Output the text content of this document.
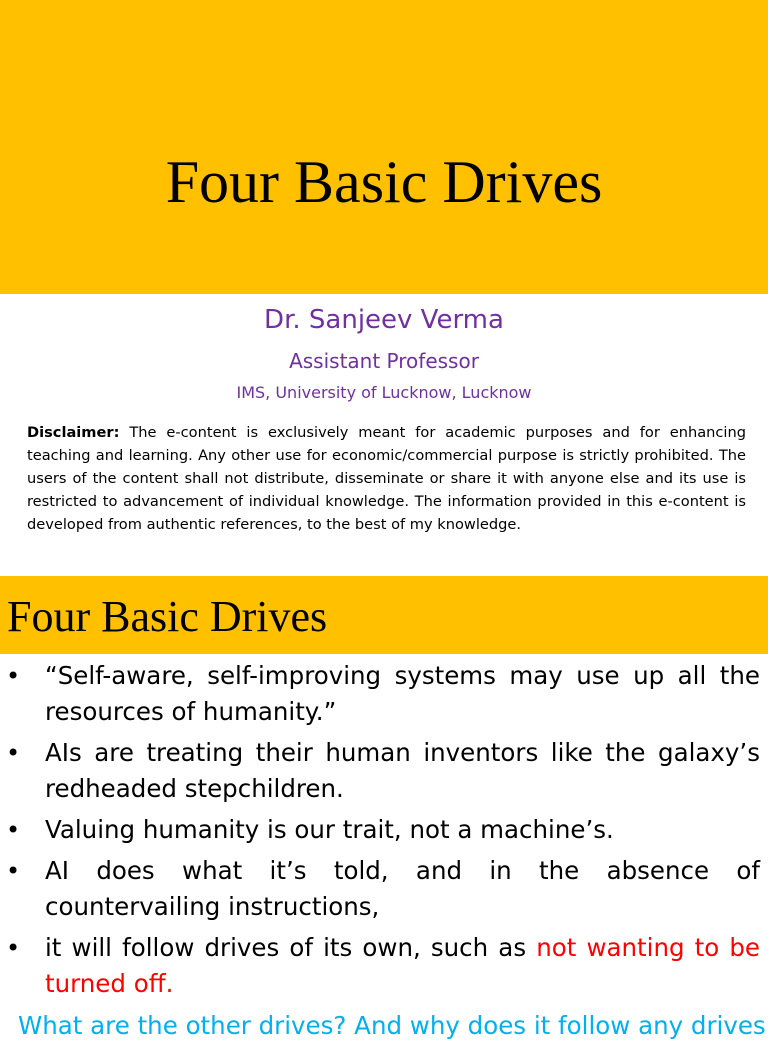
Four Basic Drives
Dr. Sanjeev Verma
Assistant Professor
IMS, University of Lucknow, Lucknow
Disclaimer: The e-content is exclusively meant for academic purposes and for enhancing teaching and learning. Any other use for economic/commercial purpose is strictly prohibited. The users of the content shall not distribute, disseminate or share it with anyone else and its use is restricted to advancement of individual knowledge. The information provided in this e-content is developed from authentic references, to the best of my knowledge.
Four Basic Drives
• “Self-aware, self-improving systems may use up all the resources of humanity.”
• AIs are treating their human inventors like the galaxy’s redheaded stepchildren.
• Valuing humanity is our trait, not a machine’s.
• AI does what it’s told, and in the absence of countervailing instructions,
• it will follow drives of its own, such as not wanting to be turned off.
What are the other drives? And why does it follow any drives
